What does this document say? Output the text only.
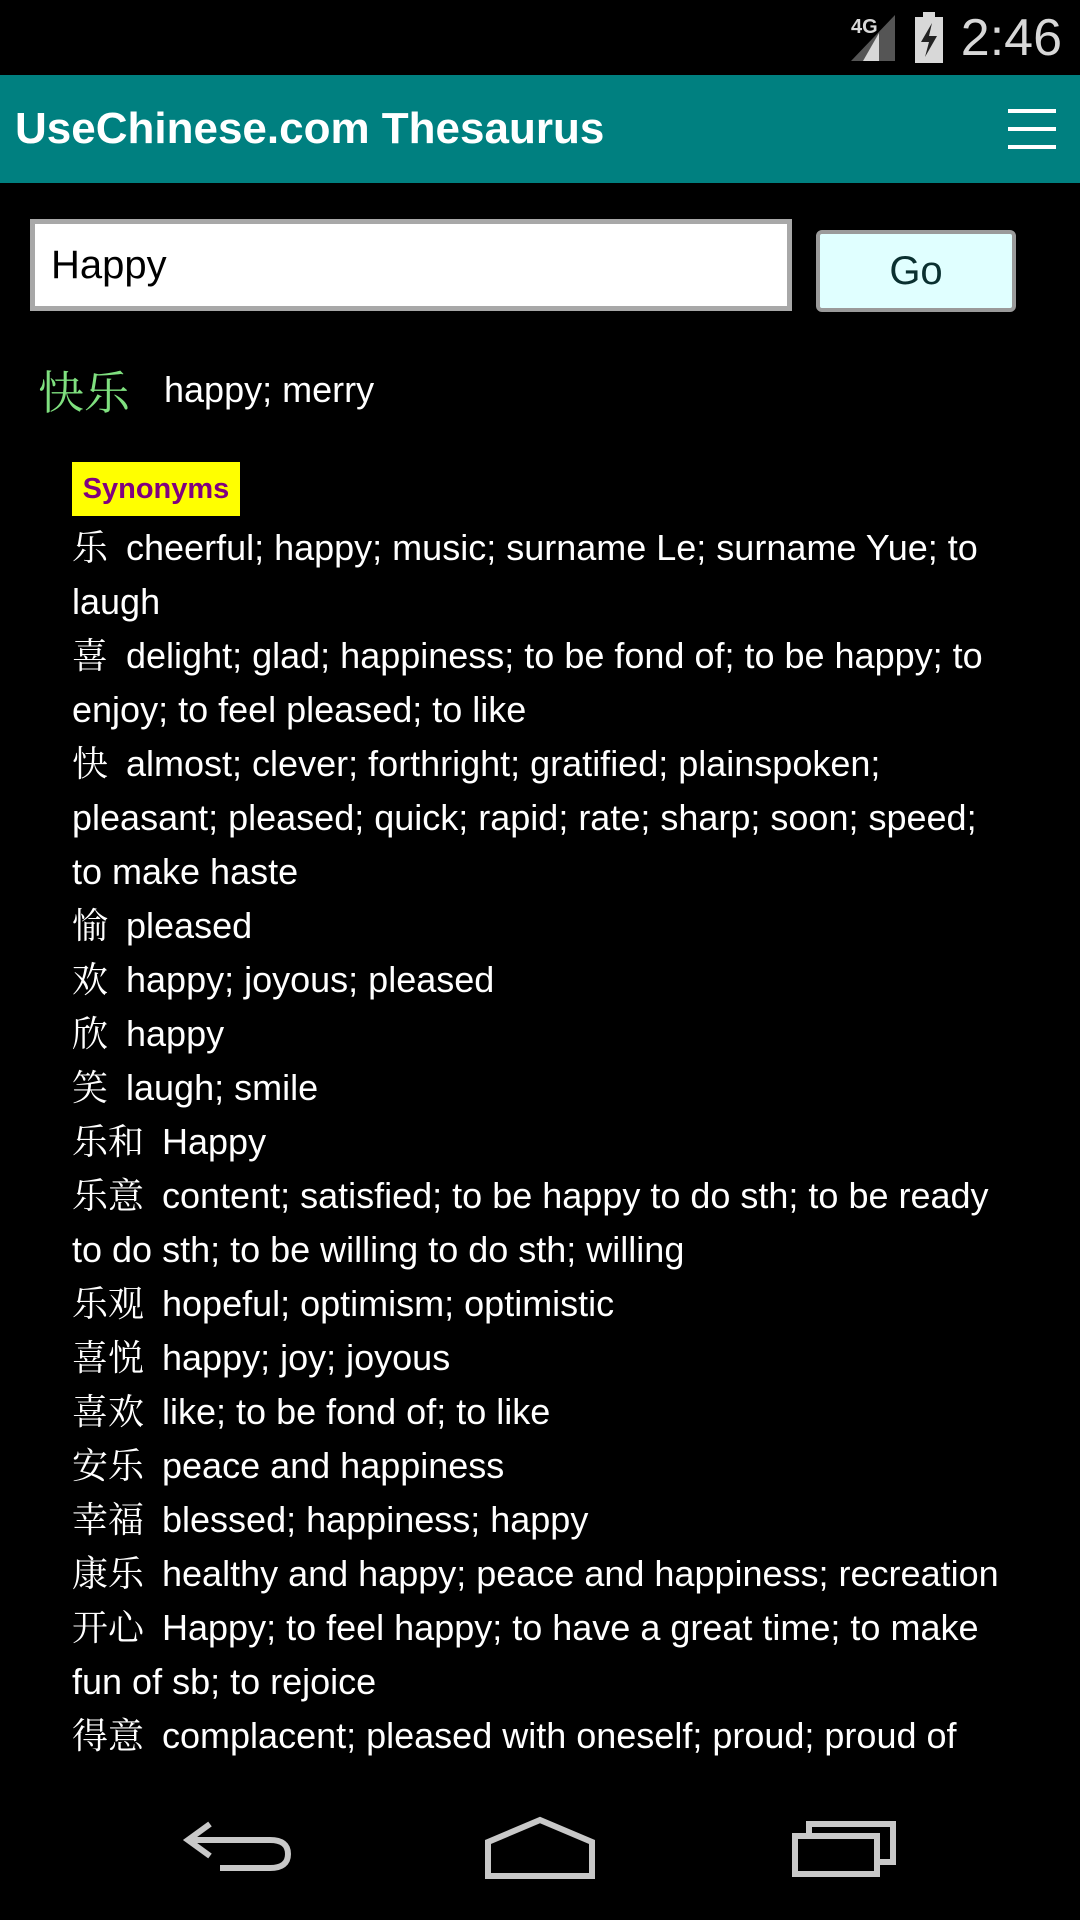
4G 2:46
UseChinese.com Thesaurus
Happy
Go
快乐 happy; merry
Synonyms
乐 cheerful; happy; music; surname Le; surname Yue; to laugh
喜 delight; glad; happiness; to be fond of; to be happy; to enjoy; to feel pleased; to like
快 almost; clever; forthright; gratified; plainspoken; pleasant; pleased; quick; rapid; rate; sharp; soon; speed; to make haste
愉 pleased
欢 happy; joyous; pleased
欣 happy
笑 laugh; smile
乐和 Happy
乐意 content; satisfied; to be happy to do sth; to be ready to do sth; to be willing to do sth; willing
乐观 hopeful; optimism; optimistic
喜悦 happy; joy; joyous
喜欢 like; to be fond of; to like
安乐 peace and happiness
幸福 blessed; happiness; happy
康乐 healthy and happy; peace and happiness; recreation
开心 Happy; to feel happy; to have a great time; to make fun of sb; to rejoice
得意 complacent; pleased with oneself; proud; proud of
